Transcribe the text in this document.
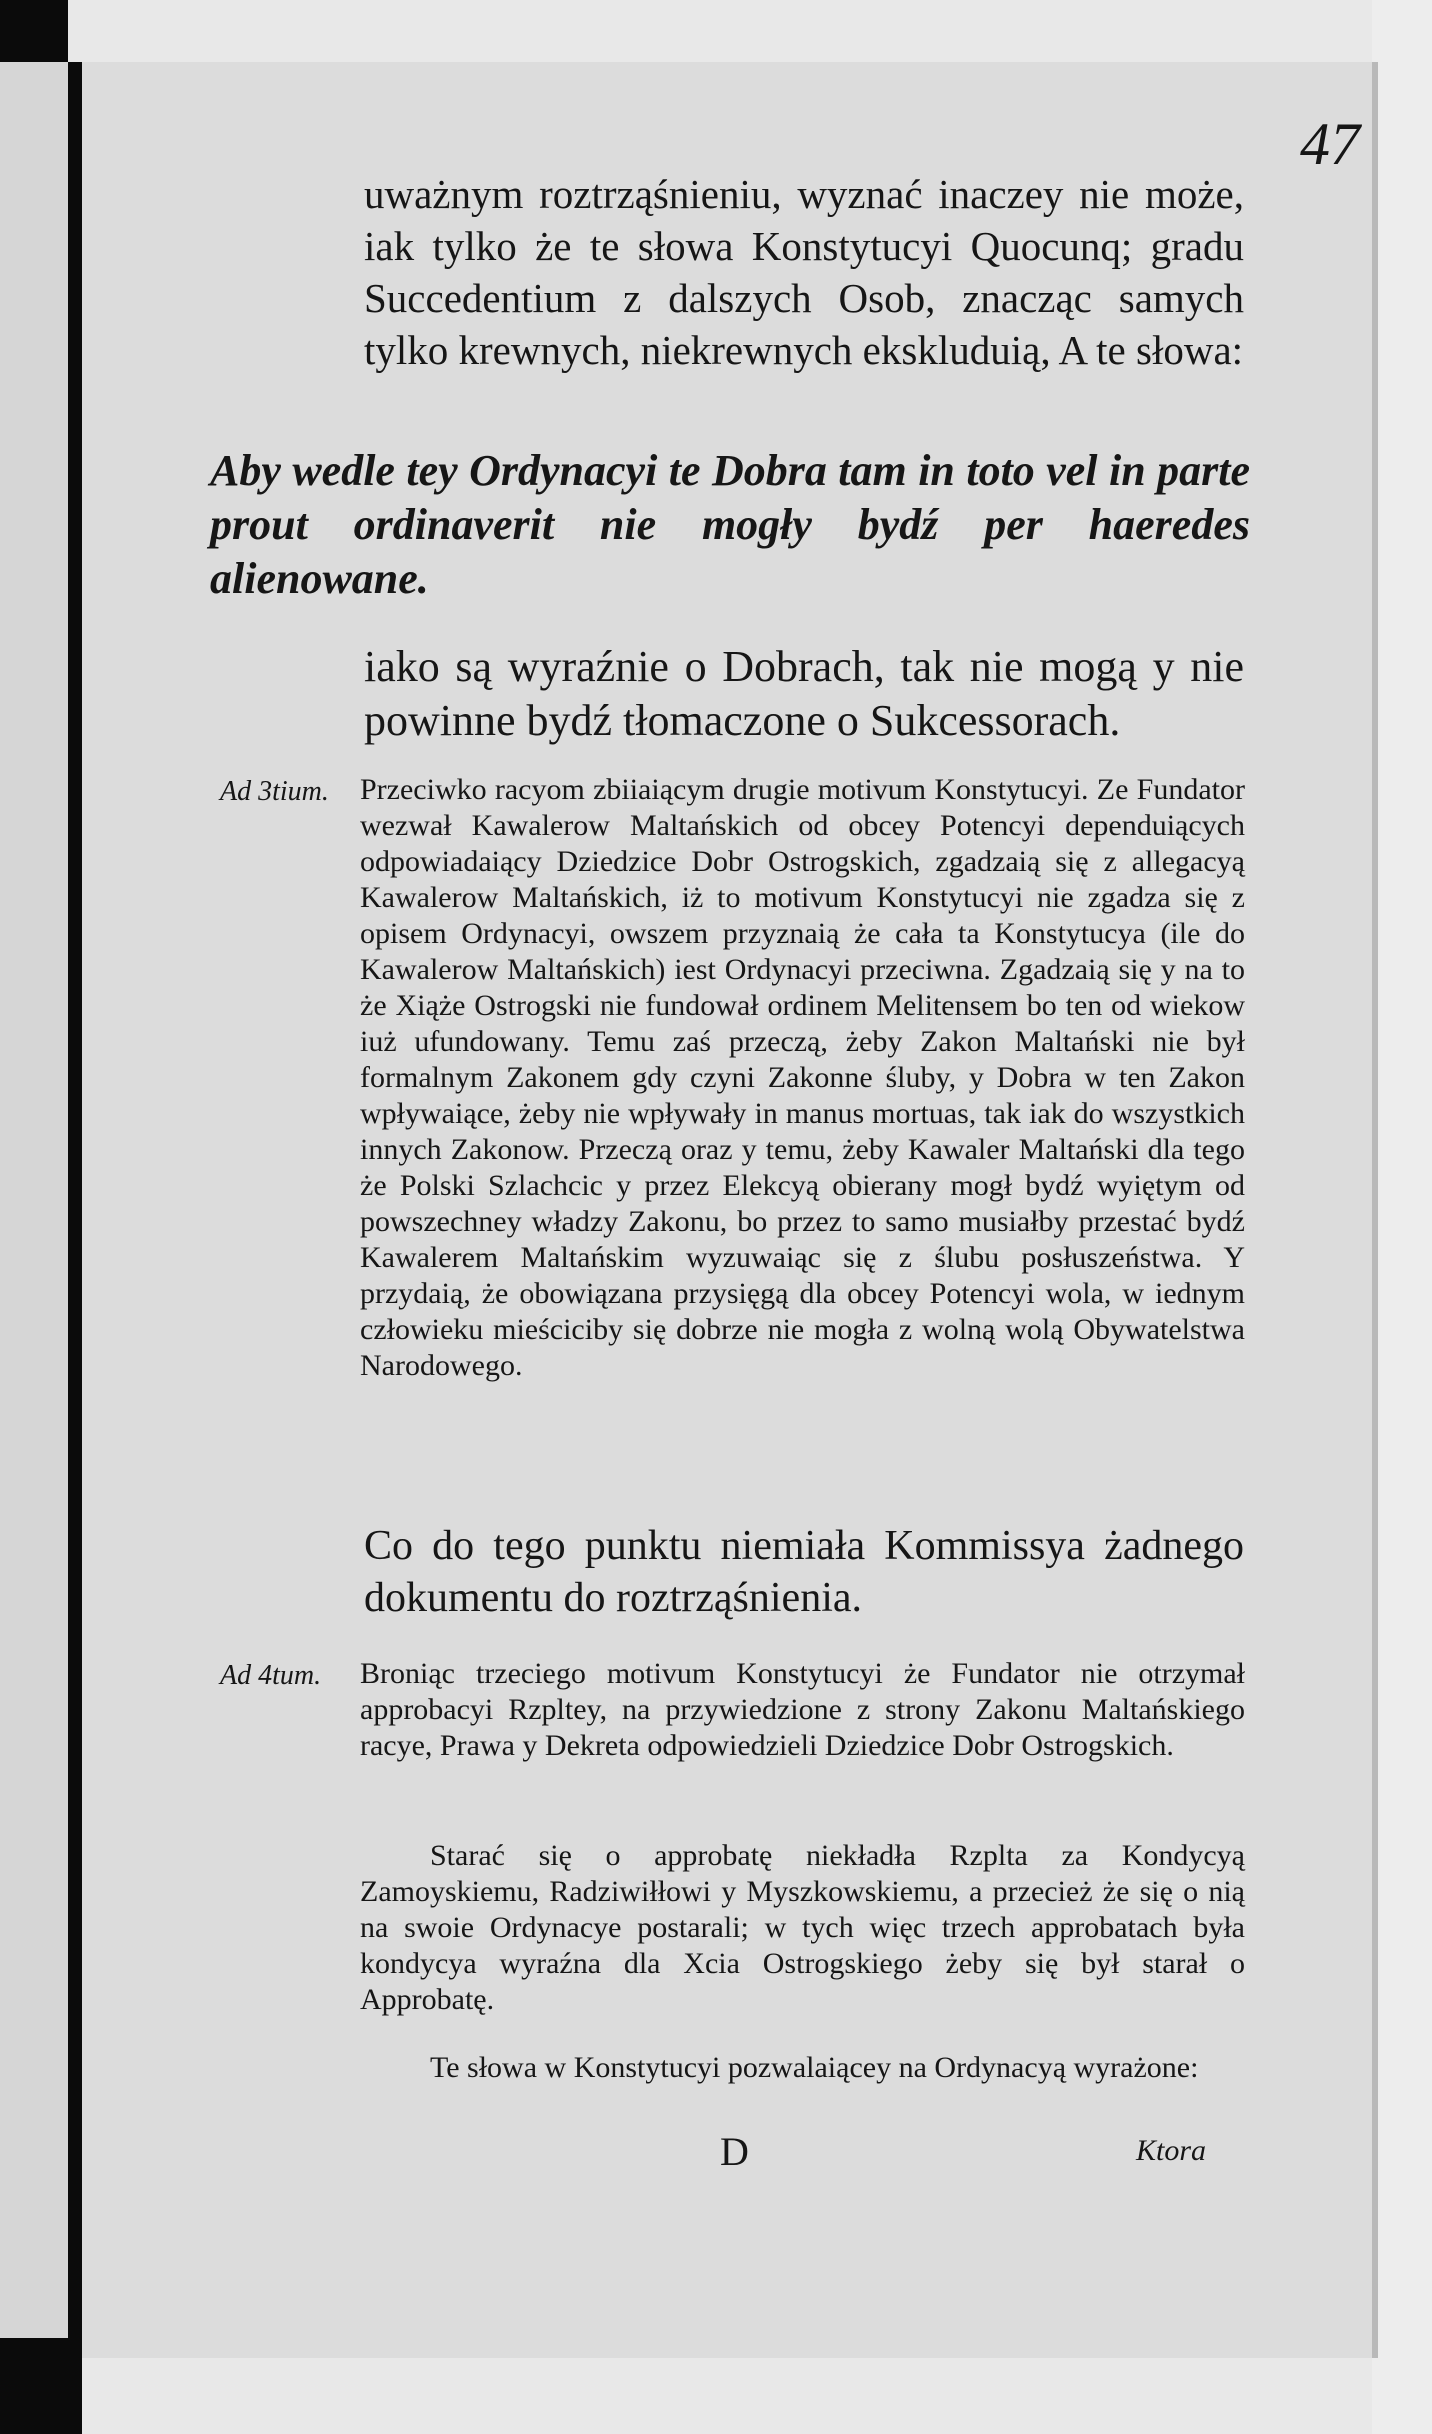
47
uważnym roztrząśnieniu, wyznać inaczey nie może, iak tylko że te słowa Konstytucyi Quocunq; gradu Succedentium z dalszych Osob, znacząc samych tylko krewnych, niekrewnych ekskluduią, A te słowa:
Aby wedle tey Ordynacyi te Dobra tam in toto vel in parte prout ordinaverit nie mogły bydź per haeredes alienowane.
iako są wyraźnie o Dobrach, tak nie mogą y nie powinne bydź tłomaczone o Sukcessorach.
Ad 3tium.	Przeciwko racyom zbiiaiącym drugie motivum Konstytucyi. Ze Fundator wezwał Kawalerow Maltańskich od obcey Potencyi dependuiących odpowiadaiący Dziedzice Dobr Ostrogskich, zgadzaią się z allegacyą Kawalerow Maltańskich, iż to motivum Konstytucyi nie zgadza się z opisem Ordynacyi, owszem przyznaią że cała ta Konstytucya (ile do Kawalerow Maltańskich) iest Ordynacyi przeciwna. Zgadzaią się y na to że Xiąże Ostrogski nie fundował ordinem Melitensem bo ten od wiekow iuż ufundowany. Temu zaś przeczą, żeby Zakon Maltański nie był formalnym Zakonem gdy czyni Zakonne śluby, y Dobra w ten Zakon wpływaiące, żeby nie wpływały in manus mortuas, tak iak do wszystkich innych Zakonow. Przeczą oraz y temu, żeby Kawaler Maltański dla tego że Polski Szlachcic y przez Elekcyą obierany mogł bydź wyiętym od powszechney władzy Zakonu, bo przez to samo musiałby przestać bydź Kawalerem Maltańskim wyzuwaiąc się z ślubu posłuszeństwa. Y przydaią, że obowiązana przysięgą dla obcey Potencyi wola, w iednym człowieku mieściciby się dobrze nie mogła z wolną wolą Obywatelstwa Narodowego.
Co do tego punktu niemiała Kommissya żadnego dokumentu do roztrząśnienia.
Ad 4tum.	Broniąc trzeciego motivum Konstytucyi że Fundator nie otrzymał approbacyi Rzpltey, na przywiedzione z strony Zakonu Maltańskiego racye, Prawa y Dekreta odpowiedzieli Dziedzice Dobr Ostrogskich.
Starać się o approbatę niekładła Rzplta za Kondycyą Zamoyskiemu, Radziwiłłowi y Myszkowskiemu, a przecież że się o nią na swoie Ordynacye postarali; w tych więc trzech approbatach była kondycya wyraźna dla Xcia Ostrogskiego żeby się był starał o Approbatę.
Te słowa w Konstytucyi pozwalaiącey na Ordynacyą wyrażone:
D	Ktora
